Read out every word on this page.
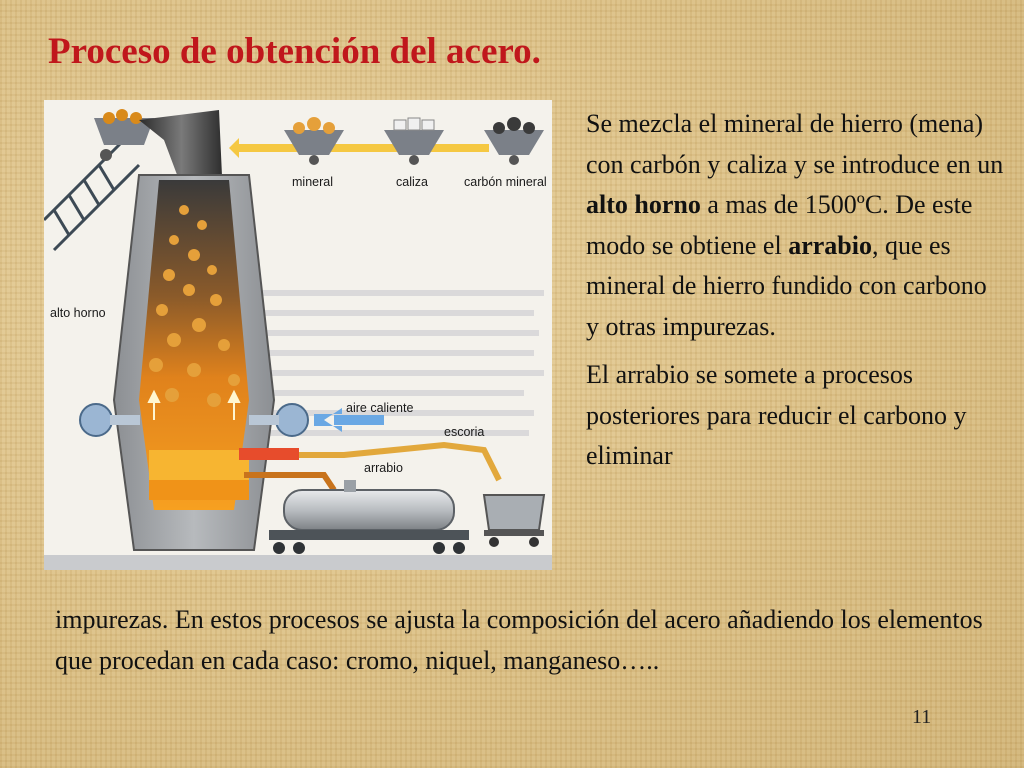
Proceso de obtención del acero.
mineral	caliza	carbón mineral
alto horno
aire caliente
escoria
arrabio

Se mezcla el mineral de hierro (mena) con carbón y caliza y se introduce en un alto horno a mas de 1500ºC. De este modo se obtiene el arrabio, que es mineral de hierro fundido con carbono y otras impurezas.

El arrabio se somete a procesos posteriores para reducir el carbono y eliminar

impurezas. En estos procesos se ajusta la composición del acero añadiendo los elementos que procedan en cada caso: cromo, niquel, manganeso…..

11
